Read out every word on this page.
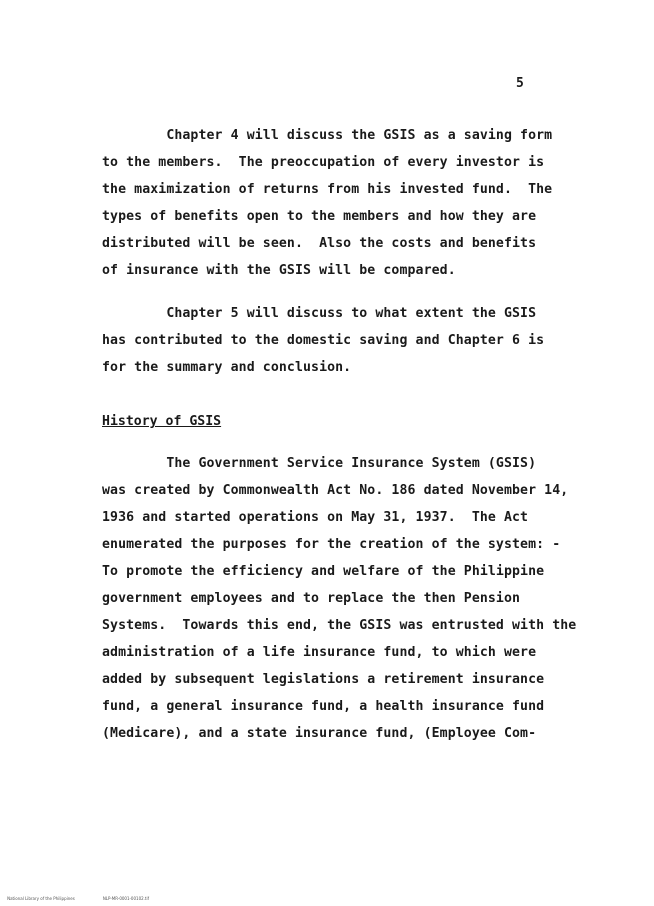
5
Chapter 4 will discuss the GSIS as a saving form
to the members.  The preoccupation of every investor is
the maximization of returns from his invested fund.  The
types of benefits open to the members and how they are
distributed will be seen.  Also the costs and benefits
of insurance with the GSIS will be compared.
Chapter 5 will discuss to what extent the GSIS
has contributed to the domestic saving and Chapter 6 is
for the summary and conclusion.
History of GSIS
The Government Service Insurance System (GSIS)
was created by Commonwealth Act No. 186 dated November 14,
1936 and started operations on May 31, 1937.  The Act
enumerated the purposes for the creation of the system: -
To promote the efficiency and welfare of the Philippine
government employees and to replace the then Pension
Systems.  Towards this end, the GSIS was entrusted with the
administration of a life insurance fund, to which were
added by subsequent legislations a retirement insurance
fund, a general insurance fund, a health insurance fund
(Medicare), and a state insurance fund, (Employee Com-

National Library of the Philippines	NLP-MR-0001-00102.tif
